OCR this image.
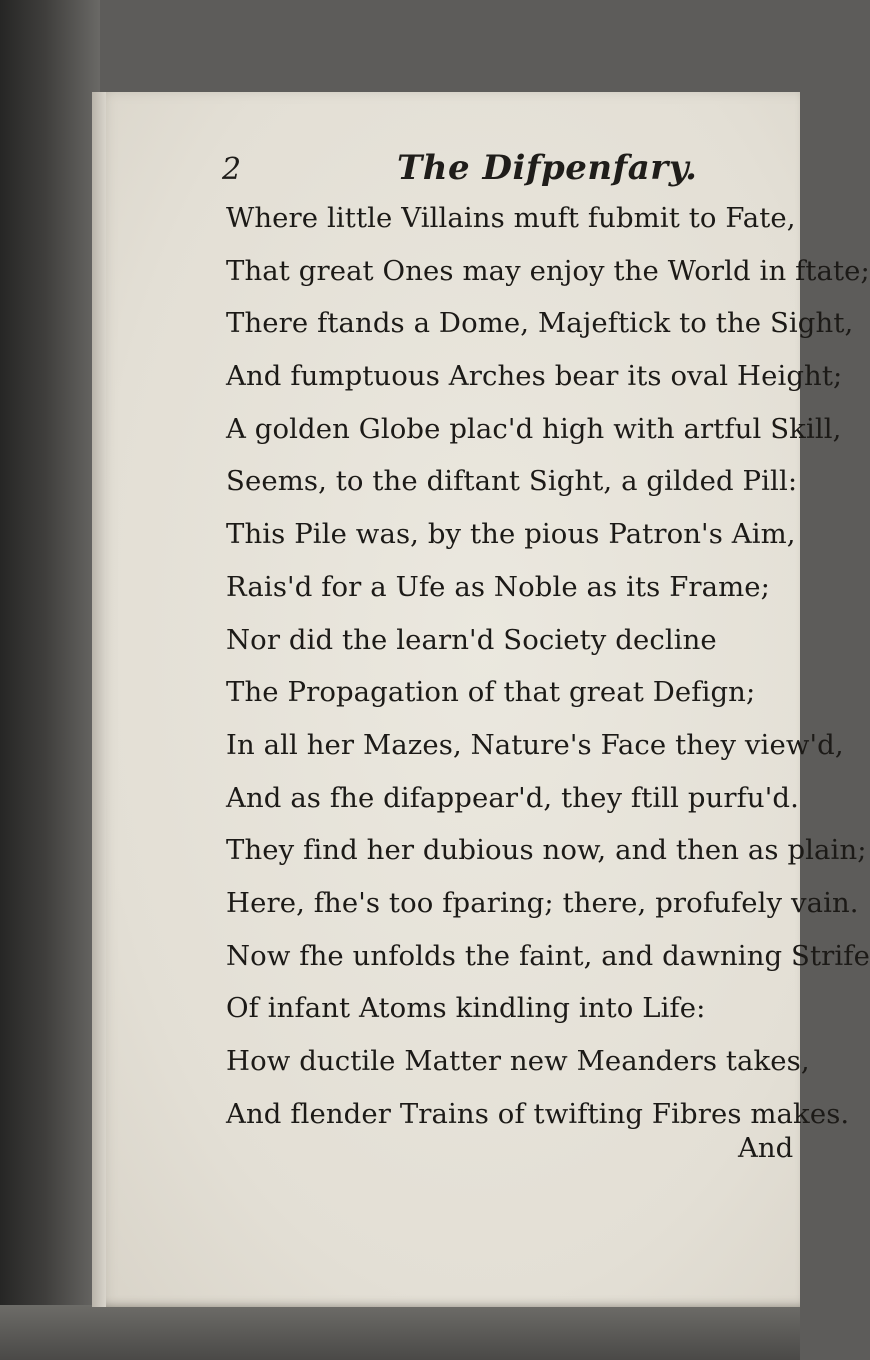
2	The Difpenfary.
Where little Villains muft fubmit to Fate,
That great Ones may enjoy the World in ftate;
There ftands a Dome, Majeftick to the Sight,
And fumptuous Arches bear its oval Height;
A golden Globe plac'd high with artful Skill,
Seems, to the diftant Sight, a gilded Pill:
This Pile was, by the pious Patron's Aim,
Rais'd for a Ufe as Noble as its Frame;
Nor did the learn'd Society decline
The Propagation of that great Defign;
In all her Mazes, Nature's Face they view'd,
And as fhe difappear'd, they ftill purfu'd.
They find her dubious now, and then as plain;
Here, fhe's too fparing; there, profufely vain.
Now fhe unfolds the faint, and dawning Strife
Of infant Atoms kindling into Life:
How ductile Matter new Meanders takes,
And flender Trains of twifting Fibres makes.
And
